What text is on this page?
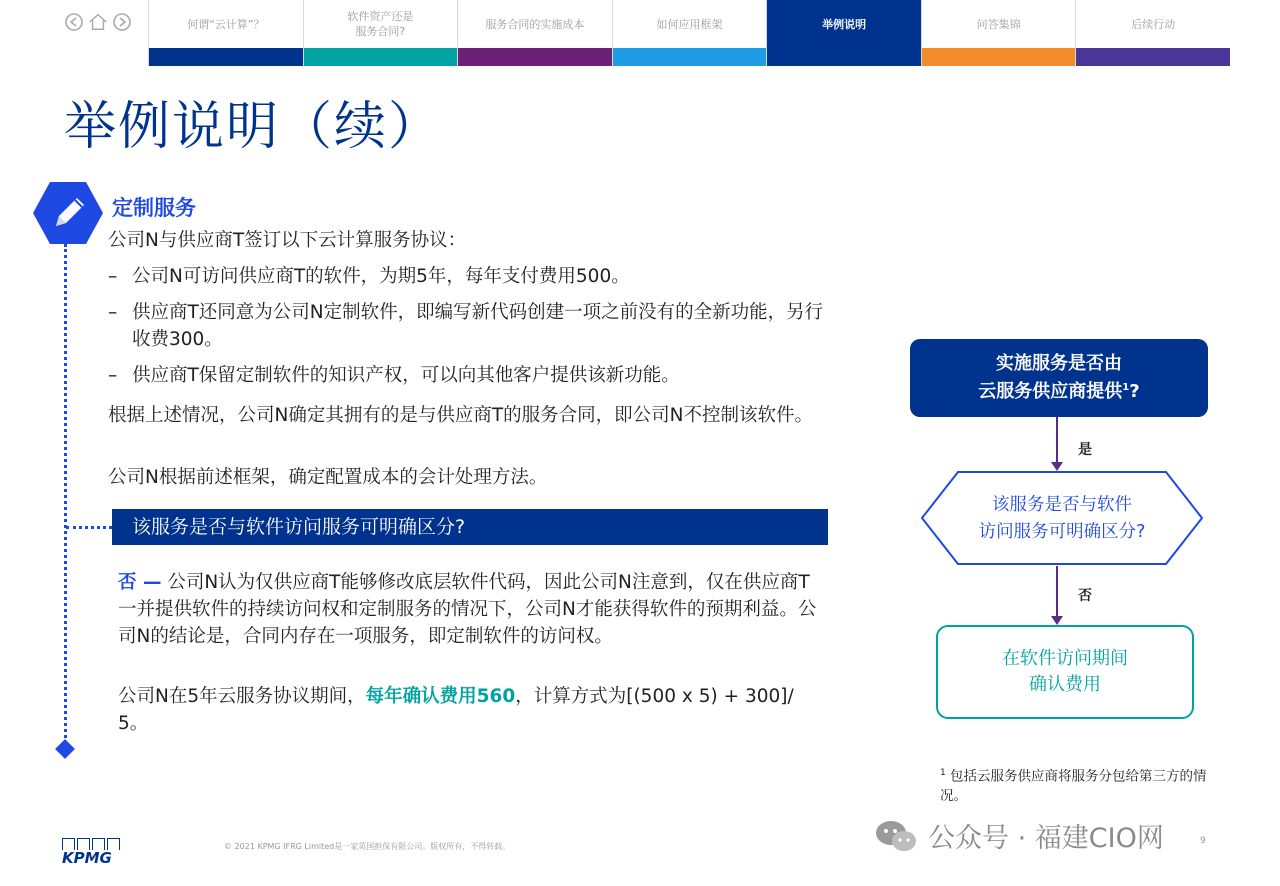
何谓“云计算”？
软件资产还是
服务合同?
服务合同的实施成本	如何应用框架	举例说明	问答集锦	后续行动
举例说明（续）
定制服务
公司N与供应商T签订以下云计算服务协议：
– 公司N可访问供应商T的软件，为期5年，每年支付费用500。
– 供应商T还同意为公司N定制软件，即编写新代码创建一项之前没有的全新功能，另行收费300。
– 供应商T保留定制软件的知识产权，可以向其他客户提供该新功能。
根据上述情况，公司N确定其拥有的是与供应商T的服务合同，即公司N不控制该软件。
公司N根据前述框架，确定配置成本的会计处理方法。
该服务是否与软件访问服务可明确区分?
否 — 公司N认为仅供应商T能够修改底层软件代码，因此公司N注意到，仅在供应商T一并提供软件的持续访问权和定制服务的情况下，公司N才能获得软件的预期利益。公司N的结论是，合同内存在一项服务，即定制软件的访问权。
公司N在5年云服务协议期间，每年确认费用560，计算方式为[(500 x 5) + 300]/ 5。
实施服务是否由
云服务供应商提供$^1$?
是
该服务是否与软件
访问服务可明确区分?
否
在软件访问期间
确认费用
$^1$ 包括云服务供应商将服务分包给第三方的情况。
KPMG
© 2021 KPMG IFRG Limited是一家英国担保有限公司。版权所有，不得转载。	公众号 · 福建CIO网	9
